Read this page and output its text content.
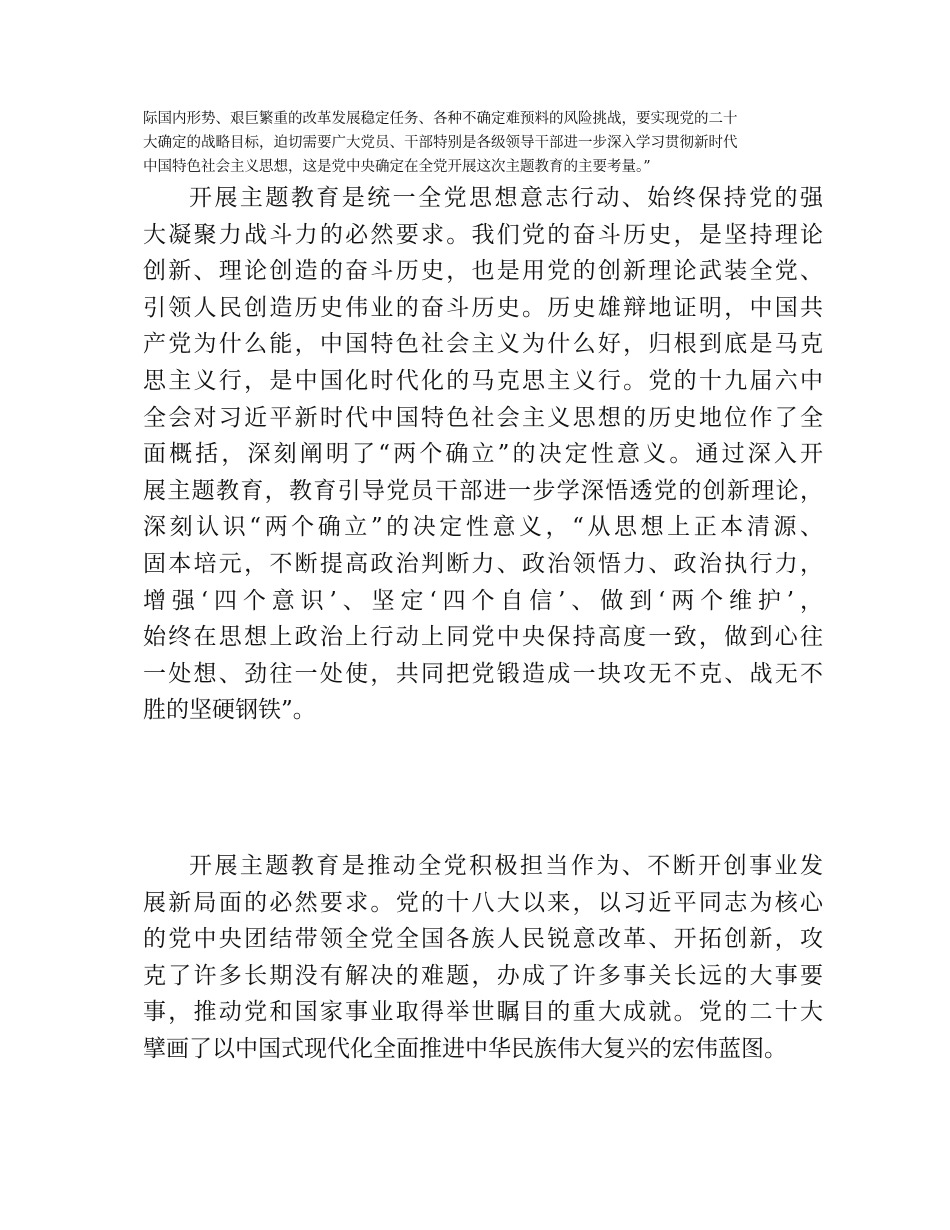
际国内形势、艰巨繁重的改革发展稳定任务、各种不确定难预料的风险挑战，要实现党的二十
大确定的战略目标，迫切需要广大党员、干部特别是各级领导干部进一步深入学习贯彻新时代
中国特色社会主义思想，这是党中央确定在全党开展这次主题教育的主要考量。”
开展主题教育是统一全党思想意志行动、始终保持党的强
大凝聚力战斗力的必然要求。我们党的奋斗历史，是坚持理论
创新、理论创造的奋斗历史，也是用党的创新理论武装全党、
引领人民创造历史伟业的奋斗历史。历史雄辩地证明，中国共
产党为什么能，中国特色社会主义为什么好，归根到底是马克
思主义行，是中国化时代化的马克思主义行。党的十九届六中
全会对习近平新时代中国特色社会主义思想的历史地位作了全
面概括，深刻阐明了“两个确立”的决定性意义。通过深入开
展主题教育，教育引导党员干部进一步学深悟透党的创新理论，
深刻认识“两个确立”的决定性意义，“从思想上正本清源、
固本培元，不断提高政治判断力、政治领悟力、政治执行力，
增强‘四个意识’、坚定‘四个自信’、做到‘两个维护’，
始终在思想上政治上行动上同党中央保持高度一致，做到心往
一处想、劲往一处使，共同把党锻造成一块攻无不克、战无不
胜的坚硬钢铁”。
开展主题教育是推动全党积极担当作为、不断开创事业发
展新局面的必然要求。党的十八大以来，以习近平同志为核心
的党中央团结带领全党全国各族人民锐意改革、开拓创新，攻
克了许多长期没有解决的难题，办成了许多事关长远的大事要
事，推动党和国家事业取得举世瞩目的重大成就。党的二十大
擘画了以中国式现代化全面推进中华民族伟大复兴的宏伟蓝图。
